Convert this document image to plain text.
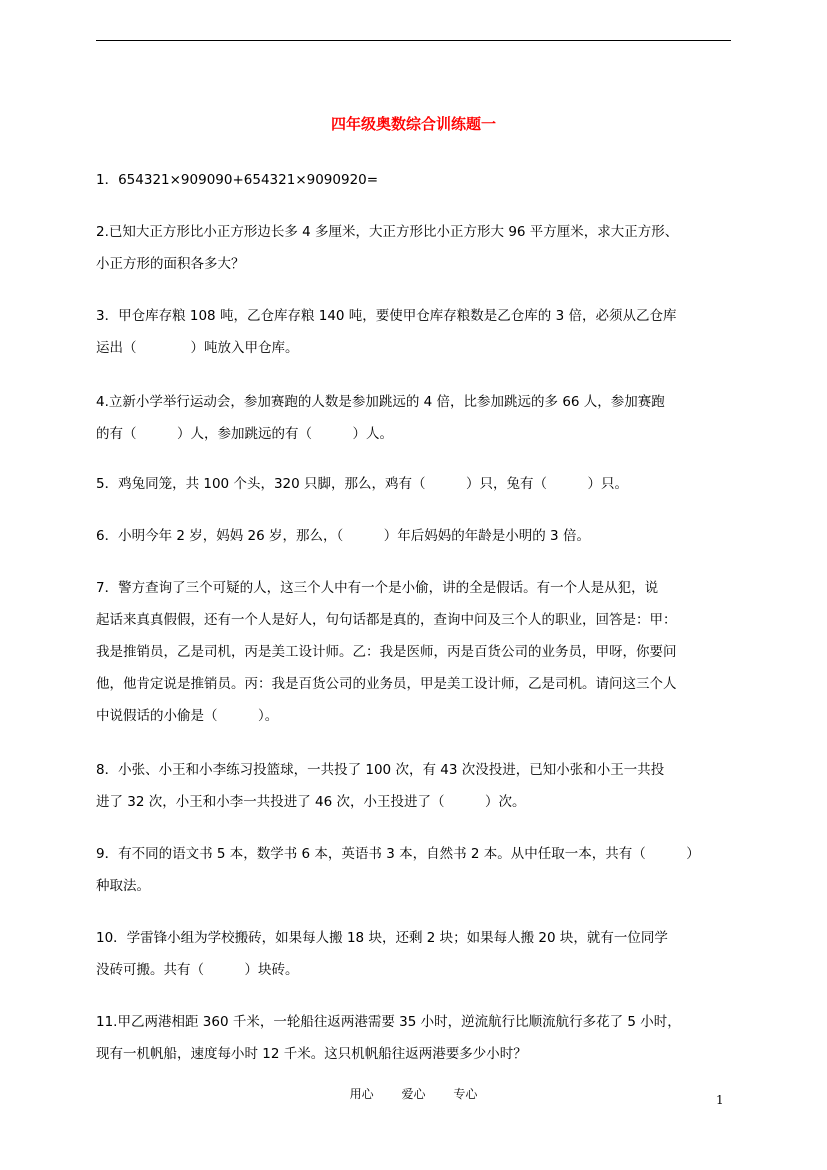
四年级奥数综合训练题一
1．654321×909090+654321×9090920=
2.已知大正方形比小正方形边长多 4 多厘米，大正方形比小正方形大 96 平方厘米，求大正方形、
小正方形的面积各多大？
3．甲仓库存粮 108 吨，乙仓库存粮 140 吨，要使甲仓库存粮数是乙仓库的 3 倍，必须从乙仓库
运出（　　　　）吨放入甲仓库。
4.立新小学举行运动会，参加赛跑的人数是参加跳远的 4 倍，比参加跳远的多 66 人，参加赛跑
的有（　　　）人，参加跳远的有（　　　）人。
5．鸡兔同笼，共 100 个头，320 只脚，那么，鸡有（　　　）只，兔有（　　　）只。
6．小明今年 2 岁，妈妈 26 岁，那么，（　　　）年后妈妈的年龄是小明的 3 倍。
7．警方查询了三个可疑的人，这三个人中有一个是小偷，讲的全是假话。有一个人是从犯，说
起话来真真假假，还有一个人是好人，句句话都是真的，查询中问及三个人的职业，回答是：甲：
我是推销员，乙是司机，丙是美工设计师。乙：我是医师，丙是百货公司的业务员，甲呀，你要问
他，他肯定说是推销员。丙：我是百货公司的业务员，甲是美工设计师，乙是司机。请问这三个人
中说假话的小偷是（　　　）。
8．小张、小王和小李练习投篮球，一共投了 100 次，有 43 次没投进，已知小张和小王一共投
进了 32 次，小王和小李一共投进了 46 次，小王投进了（　　　）次。
9．有不同的语文书 5 本，数学书 6 本，英语书 3 本，自然书 2 本。从中任取一本，共有（　　　）
种取法。
10．学雷锋小组为学校搬砖，如果每人搬 18 块，还剩 2 块；如果每人搬 20 块，就有一位同学
没砖可搬。共有（　　　）块砖。
11.甲乙两港相距 360 千米，一轮船往返两港需要 35 小时，逆流航行比顺流航行多花了 5 小时，
现有一机帆船，速度每小时 12 千米。这只机帆船往返两港要多少小时？
用心 爱心 专心	1
